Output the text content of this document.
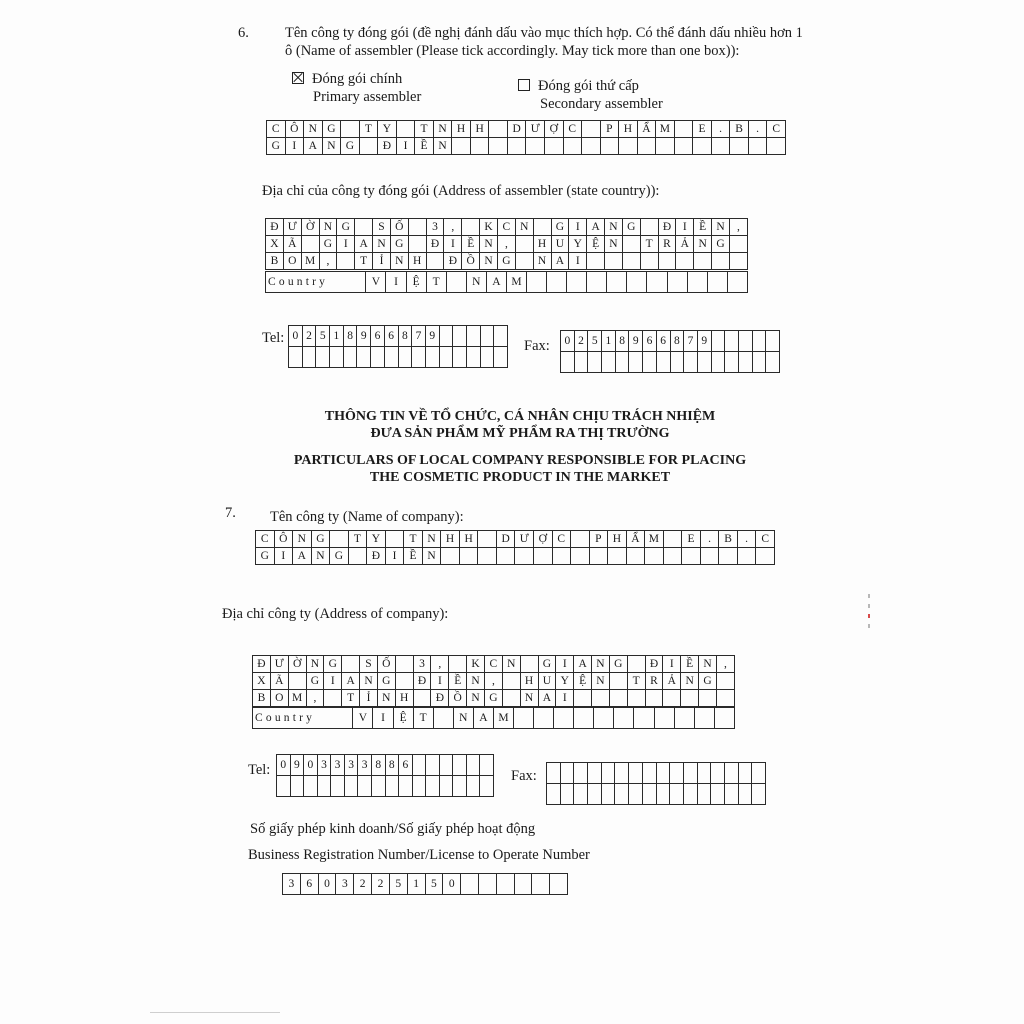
6. Tên công ty đóng gói (đề nghị đánh dấu vào mục thích hợp. Có thể đánh dấu nhiều hơn 1
ô (Name of assembler (Please tick accordingly. May tick more than one box)):
Đóng gói chính
Primary assembler
Đóng gói thứ cấp
Secondary assembler
C	Ô	N	G		T	Y		T	N	H	H		D	Ư	Ợ	C		P	H	Ẩ	M		E	.	B	.	C
G	I	A	N	G		Đ	I	Ề	N																		
Địa chỉ của công ty đóng gói (Address of assembler (state country)):
Đ	Ư	Ờ	N	G		S	Ố		3	,		K	C	N		G	I	A	N	G		Đ	I	Ề	N	,
X	Ã		G	I	A	N	G		Đ	I	Ề	N	,		H	U	Y	Ệ	N		T	R	Ả	N	G	
B	O	M	,		T	Ỉ	N	H		Đ	Ồ	N	G		N	A	I									
Country	V	I	Ệ	T		N	A	M											
Tel: 0	2	5	1	8	9	6	6	8	7	9					

Fax: 0	2	5	1	8	9	6	6	8	7	9					

THÔNG TIN VỀ TỔ CHỨC, CÁ NHÂN CHỊU TRÁCH NHIỆM
ĐƯA SẢN PHẨM MỸ PHẨM RA THỊ TRƯỜNG
PARTICULARS OF LOCAL COMPANY RESPONSIBLE FOR PLACING
THE COSMETIC PRODUCT IN THE MARKET
7. Tên công ty (Name of company):
C	Ô	N	G		T	Y		T	N	H	H		D	Ư	Ợ	C		P	H	Ẩ	M		E	.	B	.	C
G	I	A	N	G		Đ	I	Ề	N																		
Địa chỉ công ty (Address of company):
Đ	Ư	Ờ	N	G		S	Ố		3	,		K	C	N		G	I	A	N	G		Đ	I	Ề	N	,
X	Ã		G	I	A	N	G		Đ	I	Ề	N	,		H	U	Y	Ệ	N		T	R	Ả	N	G	
B	O	M	,		T	Ỉ	N	H		Đ	Ồ	N	G		N	A	I									
Country	V	I	Ệ	T		N	A	M											
Tel: 0	9	0	3	3	3	3	8	8	6						

Fax:

Số giấy phép kinh doanh/Số giấy phép hoạt động
Business Registration Number/License to Operate Number
3	6	0	3	2	2	5	1	5	0						
